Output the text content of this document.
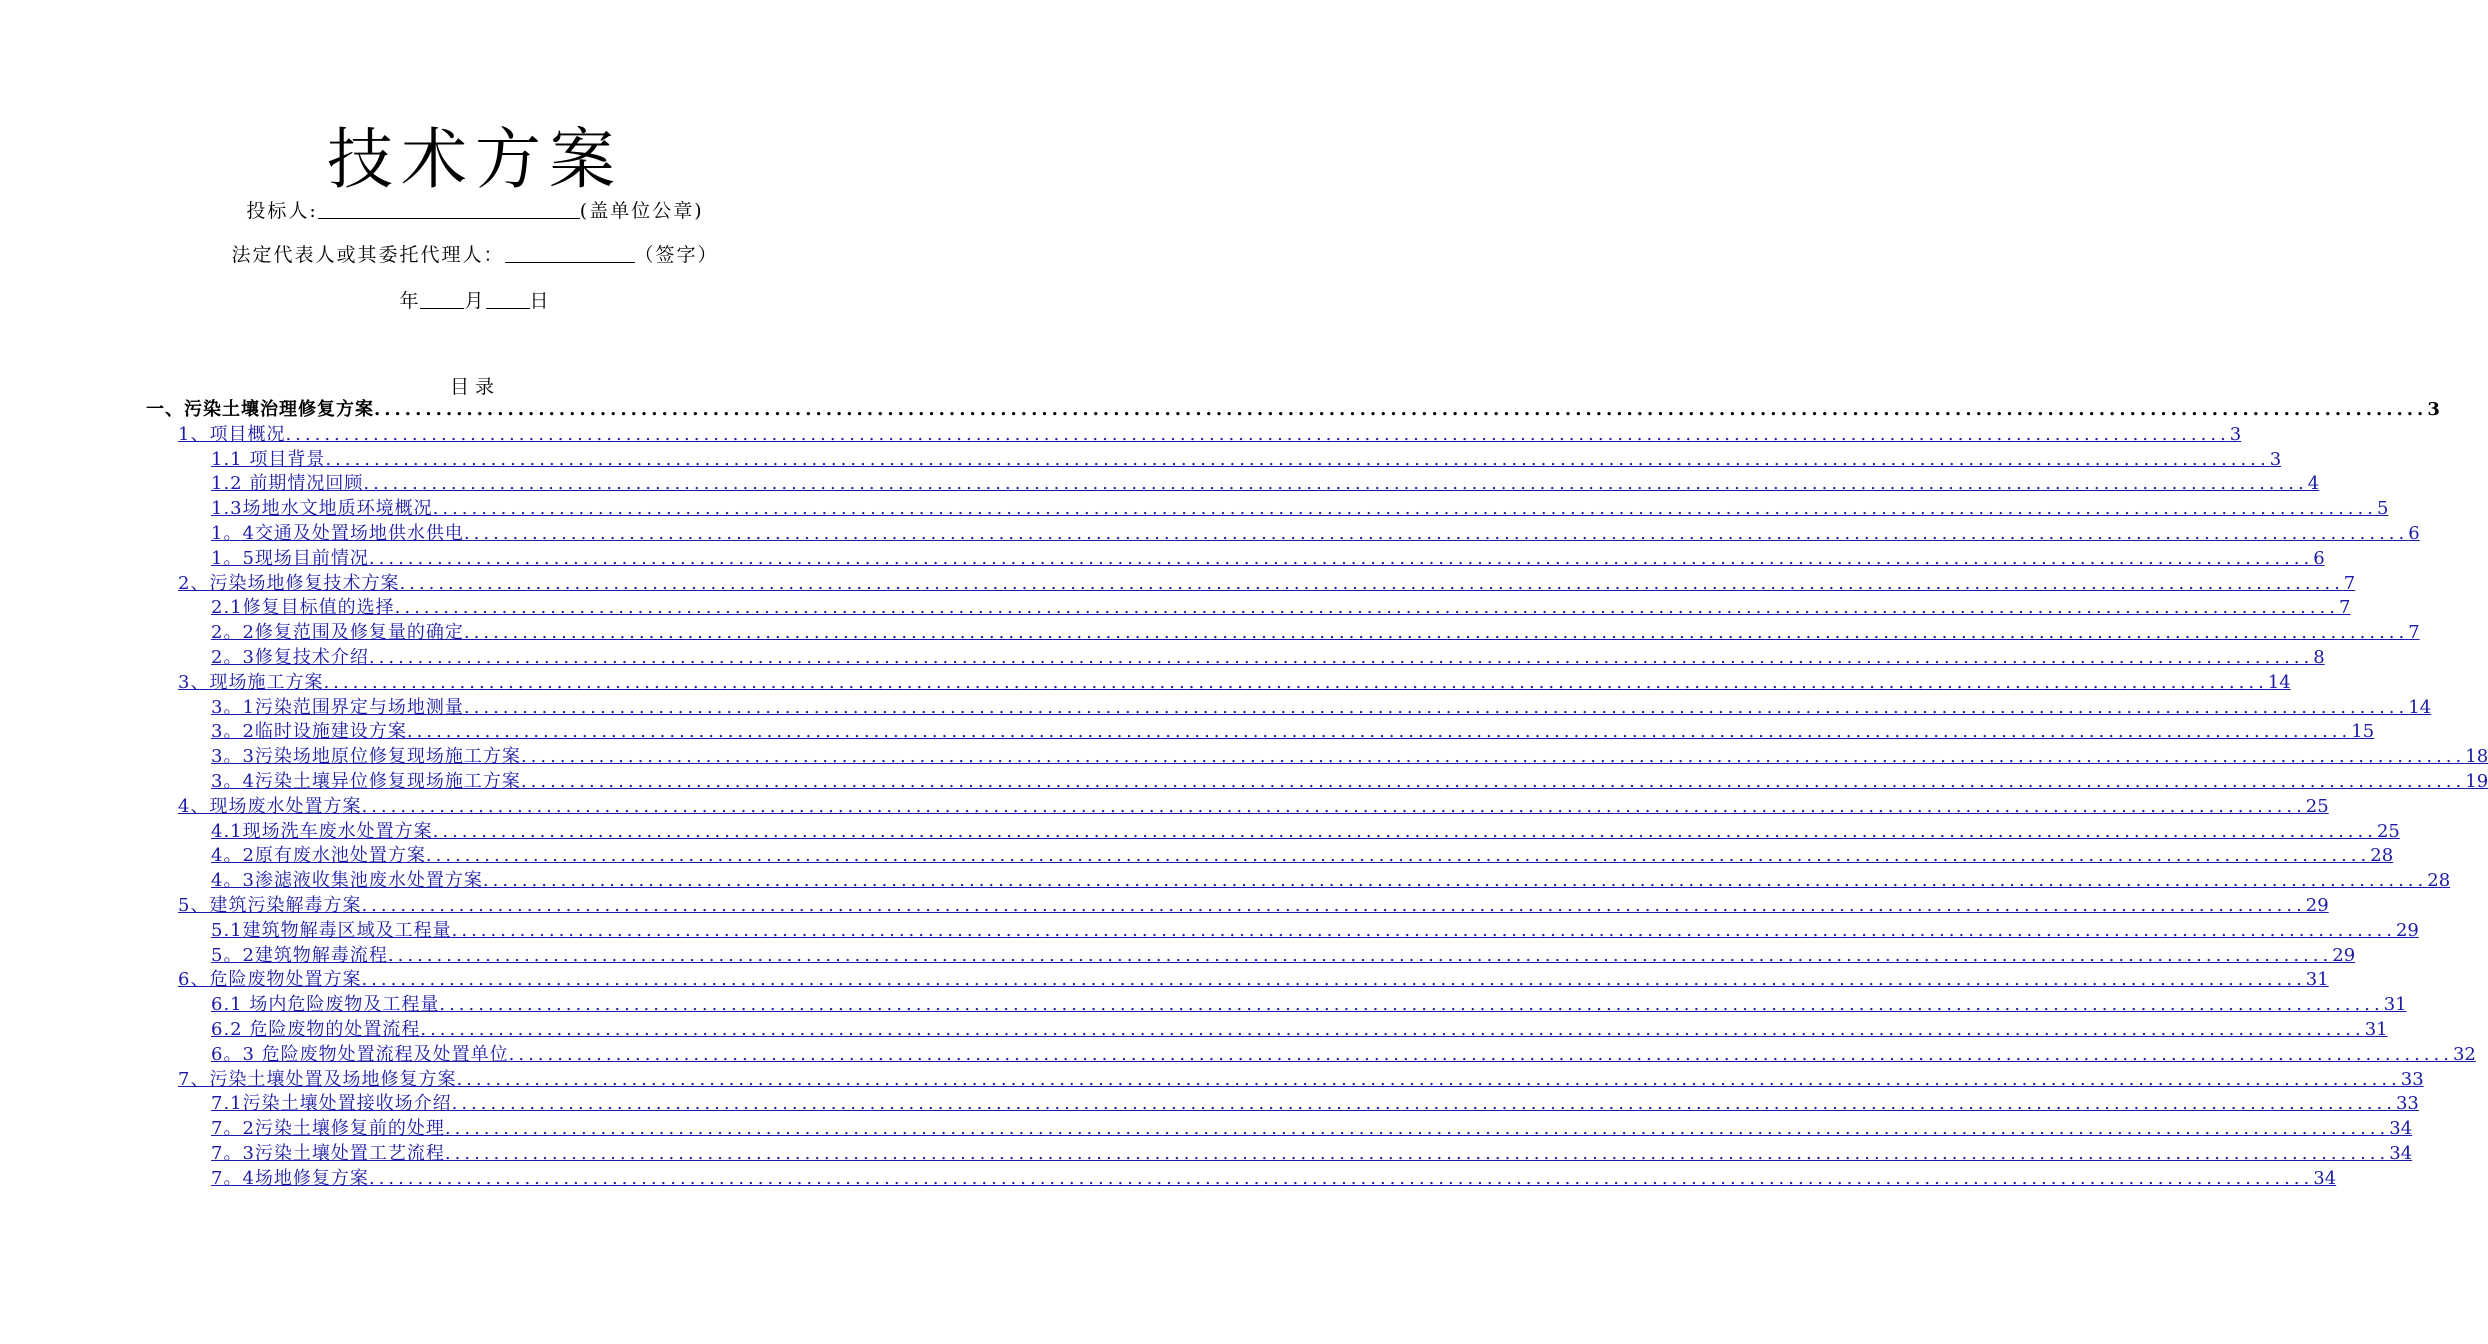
技术方案
投标人:	(盖单位公章)
法定代表人或其委托代理人：	（签字）
年 月 日
目录
一、污染土壤治理修复方案 ........................................................................................................................................................................................................ 3
1、项目概况 ........................................................................................................................................................................................................ 3
1.1 项目背景 ........................................................................................................................................................................................................ 3
1.2 前期情况回顾 ........................................................................................................................................................................................................ 4
1.3场地水文地质环境概况 ........................................................................................................................................................................................................ 5
1。4交通及处置场地供水供电 ........................................................................................................................................................................................................ 6
1。5现场目前情况 ........................................................................................................................................................................................................ 6
2、污染场地修复技术方案 ........................................................................................................................................................................................................ 7
2.1修复目标值的选择 ........................................................................................................................................................................................................ 7
2。2修复范围及修复量的确定 ........................................................................................................................................................................................................ 7
2。3修复技术介绍 ........................................................................................................................................................................................................ 8
3、现场施工方案 ........................................................................................................................................................................................................ 14
3。1污染范围界定与场地测量 ........................................................................................................................................................................................................ 14
3。2临时设施建设方案 ........................................................................................................................................................................................................ 15
3。3污染场地原位修复现场施工方案 ........................................................................................................................................................................................................ 18
3。4污染土壤异位修复现场施工方案 ........................................................................................................................................................................................................ 19
4、现场废水处置方案 ........................................................................................................................................................................................................ 25
4.1现场洗车废水处置方案 ........................................................................................................................................................................................................ 25
4。2原有废水池处置方案 ........................................................................................................................................................................................................ 28
4。3渗滤液收集池废水处置方案 ........................................................................................................................................................................................................ 28
5、建筑污染解毒方案 ........................................................................................................................................................................................................ 29
5.1建筑物解毒区域及工程量 ........................................................................................................................................................................................................ 29
5。2建筑物解毒流程 ........................................................................................................................................................................................................ 29
6、危险废物处置方案 ........................................................................................................................................................................................................ 31
6.1 场内危险废物及工程量 ........................................................................................................................................................................................................ 31
6.2 危险废物的处置流程 ........................................................................................................................................................................................................ 31
6。3 危险废物处置流程及处置单位 ........................................................................................................................................................................................................ 32
7、污染土壤处置及场地修复方案 ........................................................................................................................................................................................................ 33
7.1污染土壤处置接收场介绍 ........................................................................................................................................................................................................ 33
7。2污染土壤修复前的处理 ........................................................................................................................................................................................................ 34
7。3污染土壤处置工艺流程 ........................................................................................................................................................................................................ 34
7。4场地修复方案 ........................................................................................................................................................................................................ 34
